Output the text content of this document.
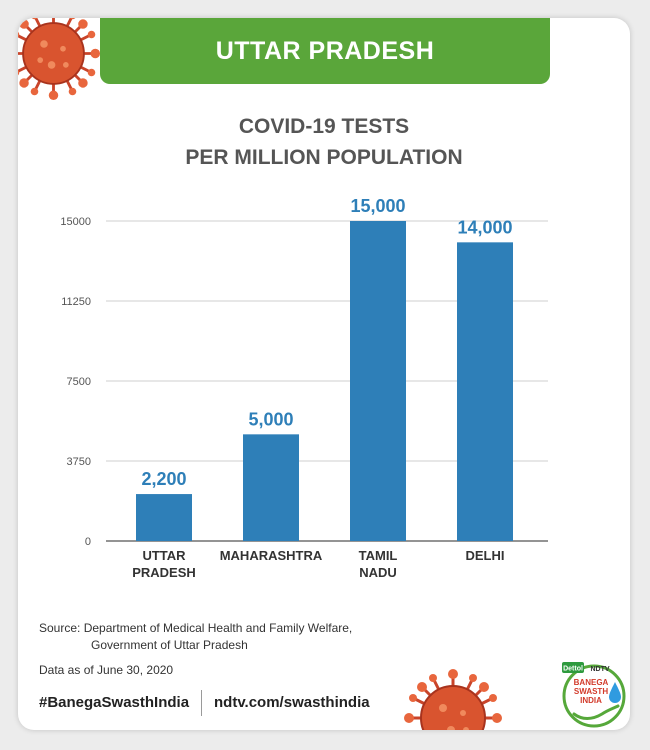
UTTAR PRADESH
COVID-19 TESTS
PER MILLION POPULATION
0
3750
7500
11250
15000
2,200
UTTAR
PRADESH
5,000
MAHARASHTRA
15,000
TAMIL
NADU
14,000
DELHI
Source: Department of Medical Health and Family Welfare,
Government of Uttar Pradesh
Data as of June 30, 2020
#BanegaSwasthIndia ndtv.com/swasthindia
Dettol NDTV
BANEGA
SWASTH
INDIA
